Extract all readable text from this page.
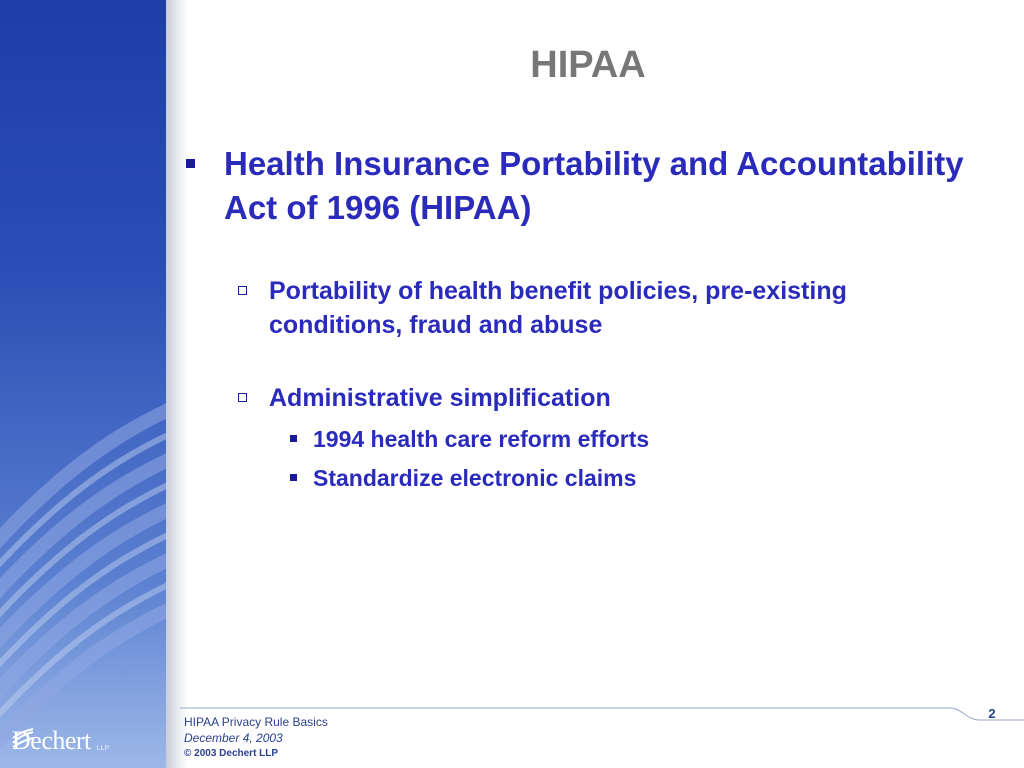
Dechert LLP
HIPAA
Health Insurance Portability and Accountability Act of 1996 (HIPAA)
Portability of health benefit policies, pre-existing conditions, fraud and abuse
Administrative simplification
1994 health care reform efforts
Standardize electronic claims
HIPAA Privacy Rule Basics
December 4, 2003
© 2003 Dechert LLP
2
